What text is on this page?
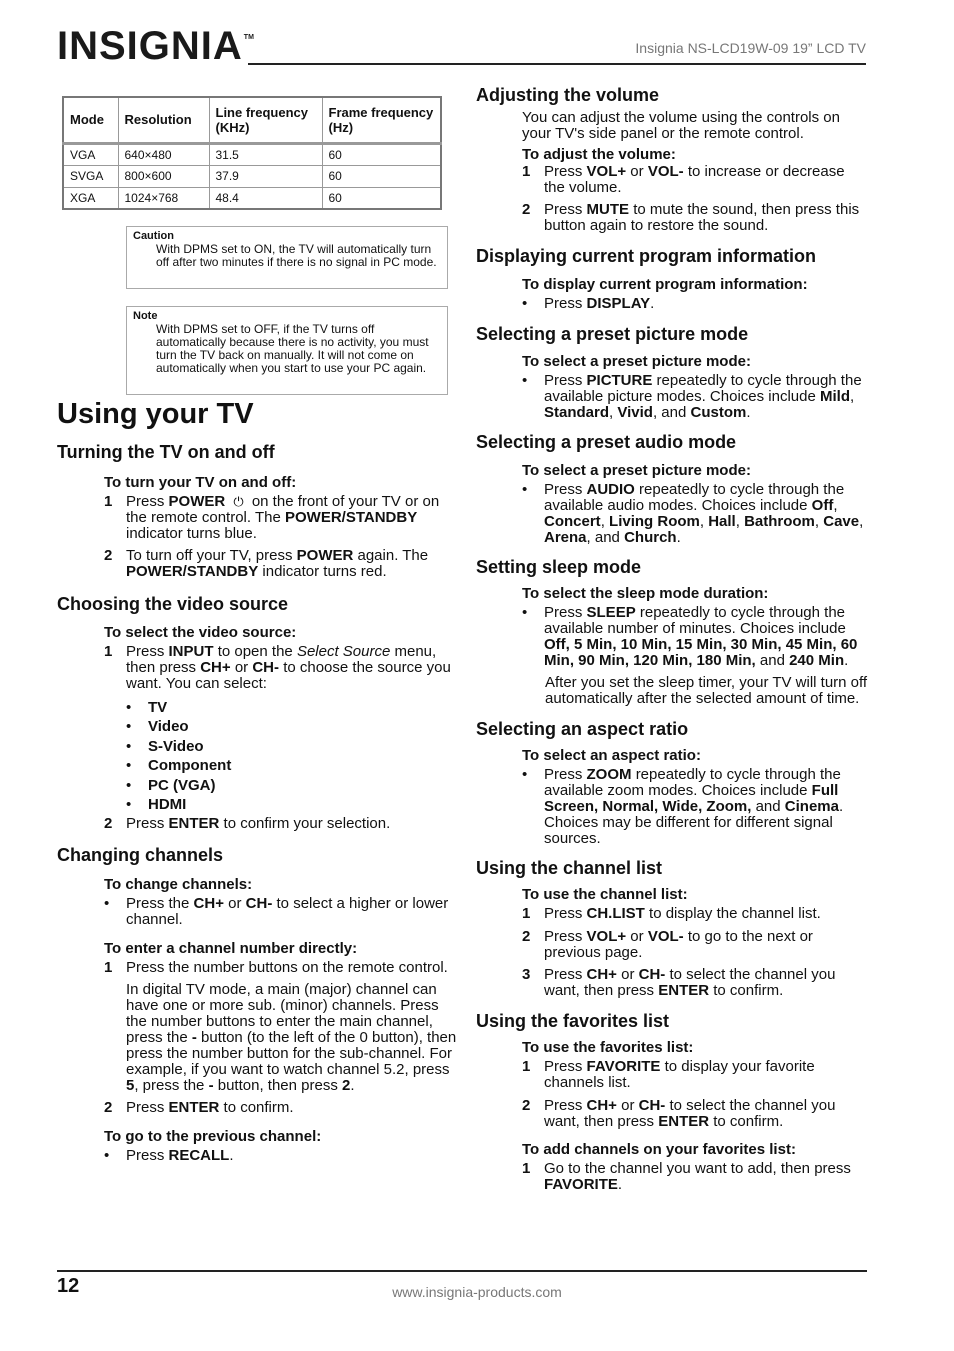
INSIGNIA™
Insignia NS-LCD19W-09 19” LCD TV
Mode	Resolution	Line frequency (KHz)	Frame frequency (Hz)
VGA	640×480	31.5	60
SVGA	800×600	37.9	60
XGA	1024×768	48.4	60
Caution
With DPMS set to ON, the TV will automatically turn off after two minutes if there is no signal in PC mode.
Note
With DPMS set to OFF, if the TV turns off automatically because there is no activity, you must turn the TV back on manually. It will not come on automatically when you start to use your PC again.
Using your TV
Turning the TV on and off
To turn your TV on and off:
1 Press POWER ⏻ on the front of your TV or on the remote control. The POWER/STANDBY indicator turns blue.
2 To turn off your TV, press POWER again. The POWER/STANDBY indicator turns red.
Choosing the video source
To select the video source:
1 Press INPUT to open the Select Source menu, then press CH+ or CH- to choose the source you want. You can select:
•	TV
•	Video
•	S-Video
•	Component
•	PC (VGA)
•	HDMI
2 Press ENTER to confirm your selection.
Changing channels
To change channels:
•	Press the CH+ or CH- to select a higher or lower channel.
To enter a channel number directly:
1 Press the number buttons on the remote control.
In digital TV mode, a main (major) channel can have one or more sub. (minor) channels. Press the number buttons to enter the main channel, press the - button (to the left of the 0 button), then press the number button for the sub-channel. For example, if you want to watch channel 5.2, press 5, press the - button, then press 2.
2 Press ENTER to confirm.
To go to the previous channel:
•	Press RECALL.
Adjusting the volume
You can adjust the volume using the controls on your TV's side panel or the remote control.
To adjust the volume:
1 Press VOL+ or VOL- to increase or decrease the volume.
2 Press MUTE to mute the sound, then press this button again to restore the sound.
Displaying current program information
To display current program information:
•	Press DISPLAY.
Selecting a preset picture mode
To select a preset picture mode:
•	Press PICTURE repeatedly to cycle through the available picture modes. Choices include Mild, Standard, Vivid, and Custom.
Selecting a preset audio mode
To select a preset picture mode:
•	Press AUDIO repeatedly to cycle through the available audio modes. Choices include Off, Concert, Living Room, Hall, Bathroom, Cave, Arena, and Church.
Setting sleep mode
To select the sleep mode duration:
•	Press SLEEP repeatedly to cycle through the available number of minutes. Choices include Off, 5 Min, 10 Min, 15 Min, 30 Min, 45 Min, 60 Min, 90 Min, 120 Min, 180 Min, and 240 Min.
After you set the sleep timer, your TV will turn off automatically after the selected amount of time.
Selecting an aspect ratio
To select an aspect ratio:
•	Press ZOOM repeatedly to cycle through the available zoom modes. Choices include Full Screen, Normal, Wide, Zoom, and Cinema. Choices may be different for different signal sources.
Using the channel list
To use the channel list:
1 Press CH.LIST to display the channel list.
2 Press VOL+ or VOL- to go to the next or previous page.
3 Press CH+ or CH- to select the channel you want, then press ENTER to confirm.
Using the favorites list
To use the favorites list:
1 Press FAVORITE to display your favorite channels list.
2 Press CH+ or CH- to select the channel you want, then press ENTER to confirm.
To add channels on your favorites list:
1 Go to the channel you want to add, then press FAVORITE.
12	www.insignia-products.com
